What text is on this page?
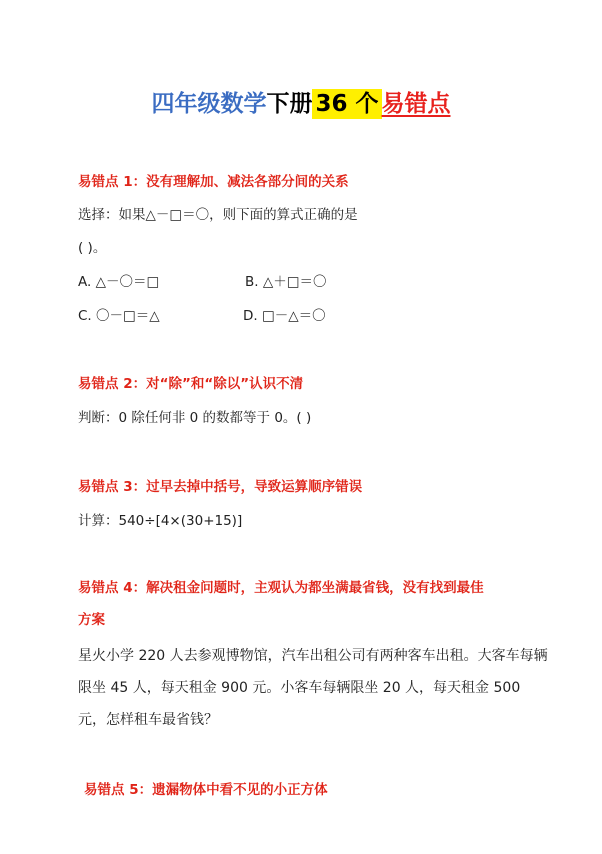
四年级数学下册 36 个 易错点
易错点 1：没有理解加、减法各部分间的关系
选择：如果△－□＝〇，则下面的算式正确的是
( )。
A. △－〇＝□	B. △＋□＝〇
C. 〇－□＝△	D. □－△＝〇
易错点 2：对“除”和“除以”认识不清
判断：0 除任何非 0 的数都等于 0。( )
易错点 3：过早去掉中括号，导致运算顺序错误
计算：540÷[4×(30+15)]
易错点 4：解决租金问题时，主观认为都坐满最省钱，没有找到最佳
方案
星火小学 220 人去参观博物馆，汽车出租公司有两种客车出租。大客车每辆限坐 45 人，每天租金 900 元。小客车每辆限坐 20 人，每天租金 500 元，怎样租车最省钱？
易错点 5：遗漏物体中看不见的小正方体
